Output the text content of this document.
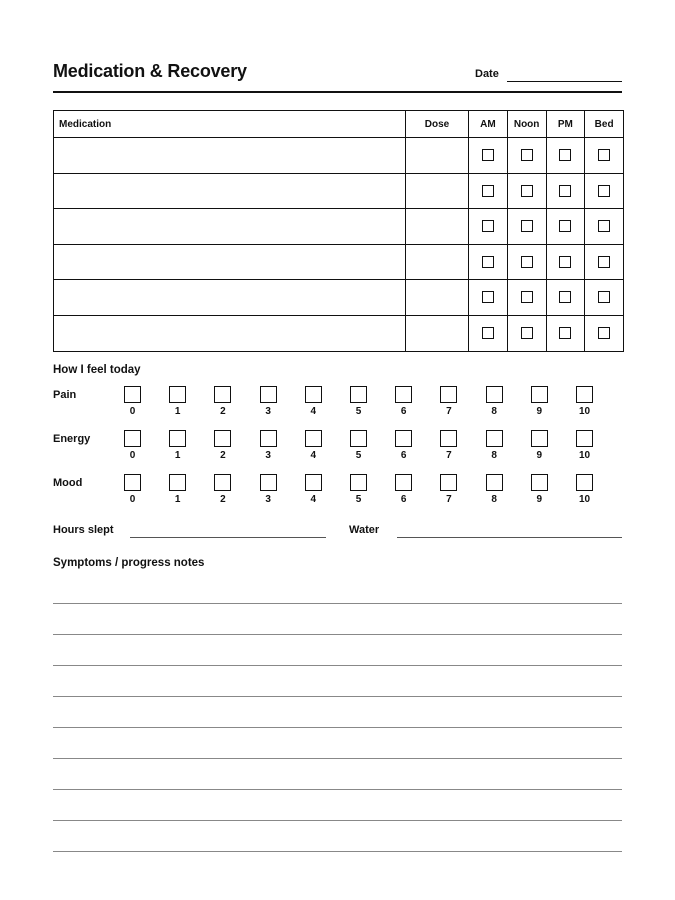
Medication & Recovery	Date
Medication	Dose	AM	Noon	PM	Bed

How I feel today
Pain
0	1	2	3	4	5	6	7	8	9	10
Energy
0	1	2	3	4	5	6	7	8	9	10
Mood
0	1	2	3	4	5	6	7	8	9	10
Hours slept	Water
Symptoms / progress notes
